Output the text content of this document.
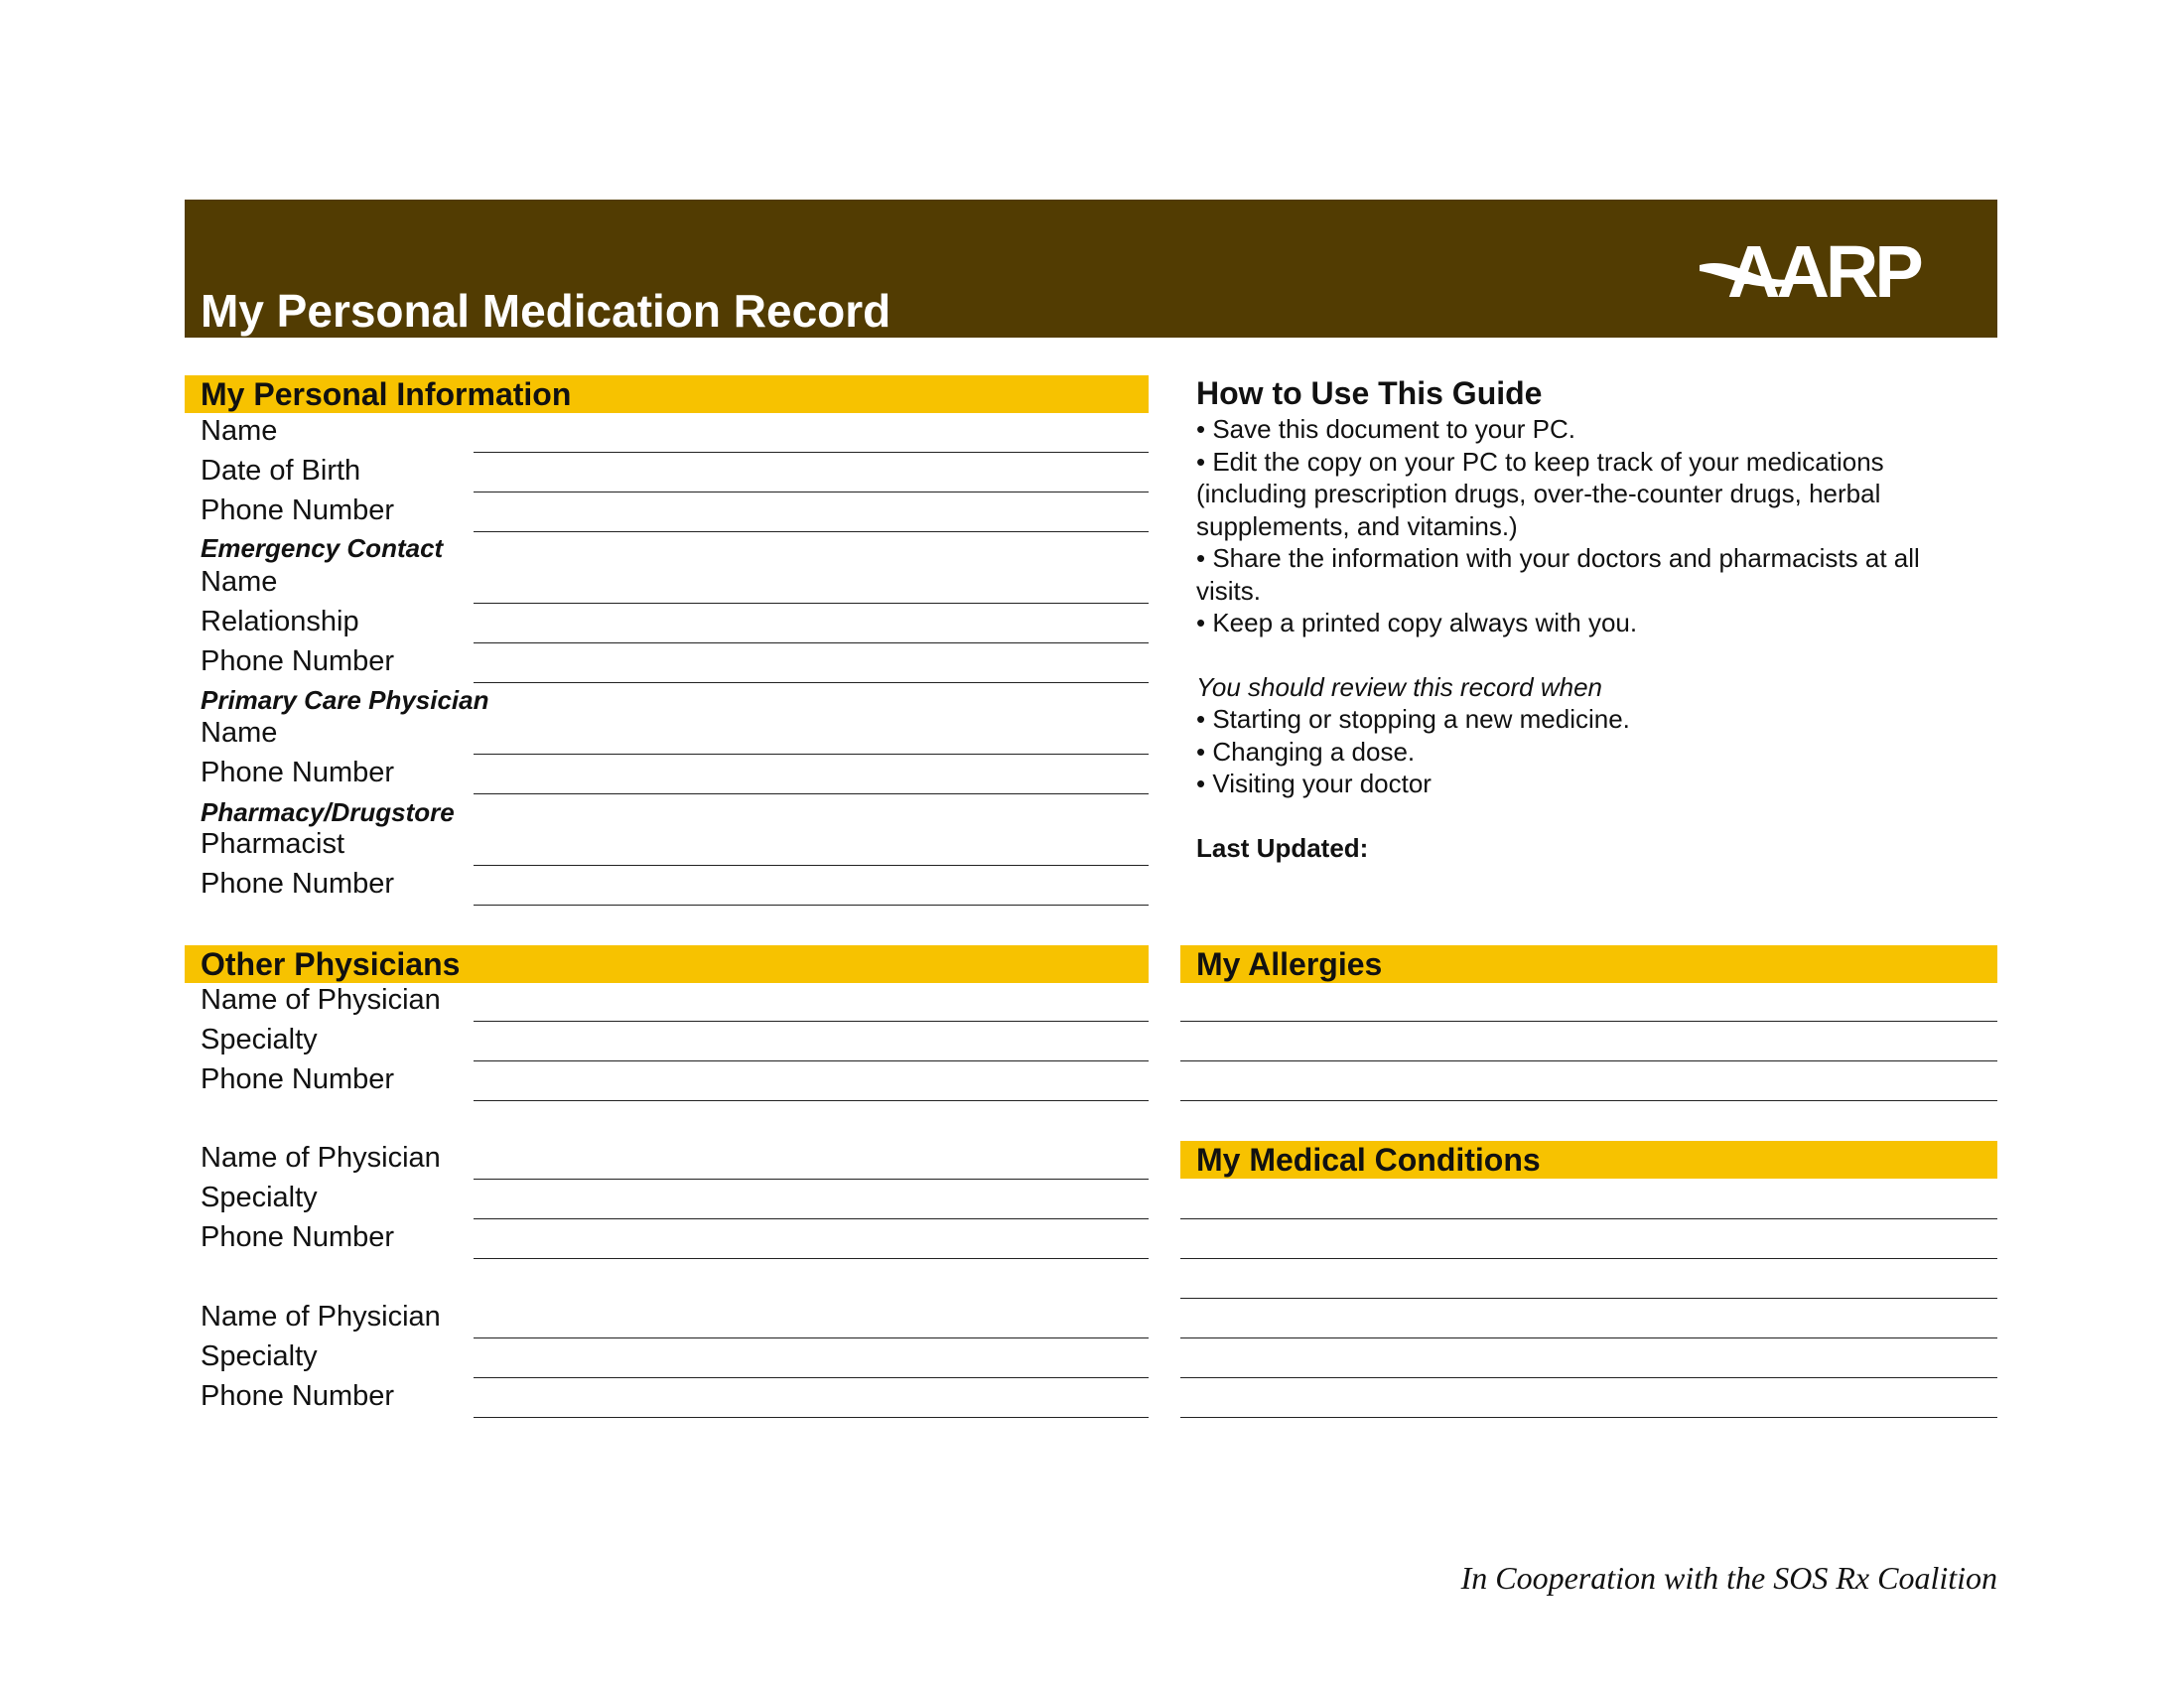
My Personal Medication Record	AARP
My Personal Information
Name
Date of Birth
Phone Number
Emergency Contact
Name
Relationship
Phone Number
Primary Care Physician
Name
Phone Number
Pharmacy/Drugstore
Pharmacist
Phone Number

How to Use This Guide

• Save this document to your PC.

• Edit the copy on your PC to keep track of your medications (including prescription drugs, over-the-counter drugs, herbal supplements, and vitamins.)

• Share the information with your doctors and pharmacists at all visits.

• Keep a printed copy always with you.

You should review this record when

• Starting or stopping a new medicine.

• Changing a dose.

• Visiting your doctor

Last Updated:

Other Physicians
Name of Physician
Specialty
Phone Number
Name of Physician
Specialty
Phone Number
Name of Physician
Specialty
Phone Number
My Allergies
My Medical Conditions
In Cooperation with the SOS Rx Coalition
